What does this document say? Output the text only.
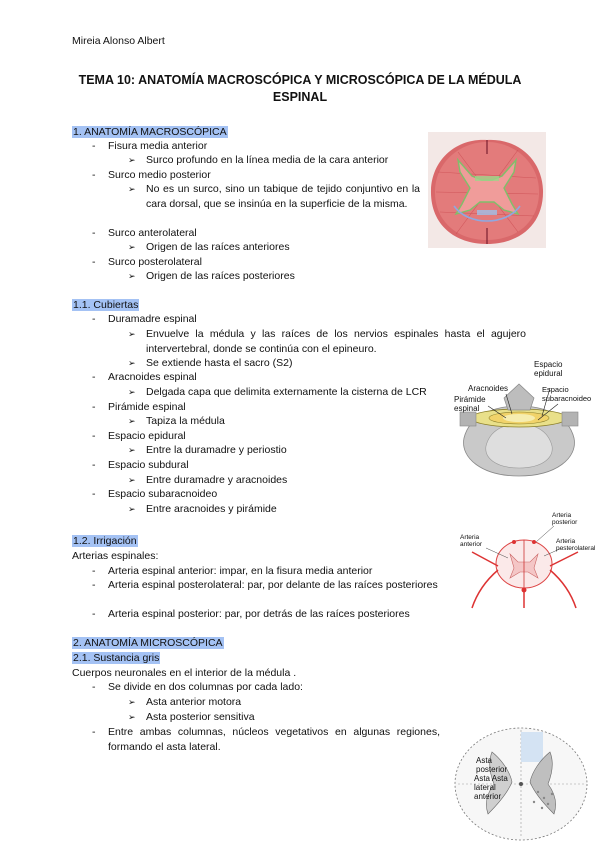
Mireia Alonso Albert
TEMA 10: ANATOMÍA MACROSCÓPICA Y MICROSCÓPICA DE LA MÉDULA ESPINAL
1. ANATOMÍA MACROSCÓPICA
- Fisura media anterior
➢ Surco profundo en la línea media de la cara anterior
- Surco medio posterior
➢ No es un surco, sino un tabique de tejido conjuntivo en la cara dorsal, que se insinúa en la superficie de la misma.
- Surco anterolateral
➢ Origen de las raíces anteriores
- Surco posterolateral
➢ Origen de las raíces posteriores
1.1. Cubiertas
- Duramadre espinal
➢ Envuelve la médula y las raíces de los nervios espinales hasta el agujero intervertebral, donde se continúa con el epineuro.
➢ Se extiende hasta el sacro (S2)
- Aracnoides espinal
➢ Delgada capa que delimita externamente la cisterna de LCR
- Pirámide espinal
➢ Tapiza la médula
- Espacio epidural
➢ Entre la duramadre y periostio
- Espacio subdural
➢ Entre duramadre y aracnoides
- Espacio subaracnoideo
➢ Entre aracnoides y pirámide
Espacio epidural
Aracnoides
Pirámide espinal
Espacio subaracnoideo
1.2. Irrigación
Arterias espinales:
- Arteria espinal anterior: impar, en la fisura media anterior
- Arteria espinal posterolateral: par, por delante de las raíces posteriores
- Arteria espinal posterior: par, por detrás de las raíces posteriores
Arteria posterior
Arteria anterior	Arteria posterolateral
2. ANATOMÍA MICROSCÓPICA
2.1. Sustancia gris
Cuerpos neuronales en el interior de la médula .
- Se divide en dos columnas por cada lado:
➢ Asta anterior motora
➢ Asta posterior sensitiva
- Entre ambas columnas, núcleos vegetativos en algunas regiones, formando el asta lateral.
Asta posterior
Asta Asta lateral anterior
